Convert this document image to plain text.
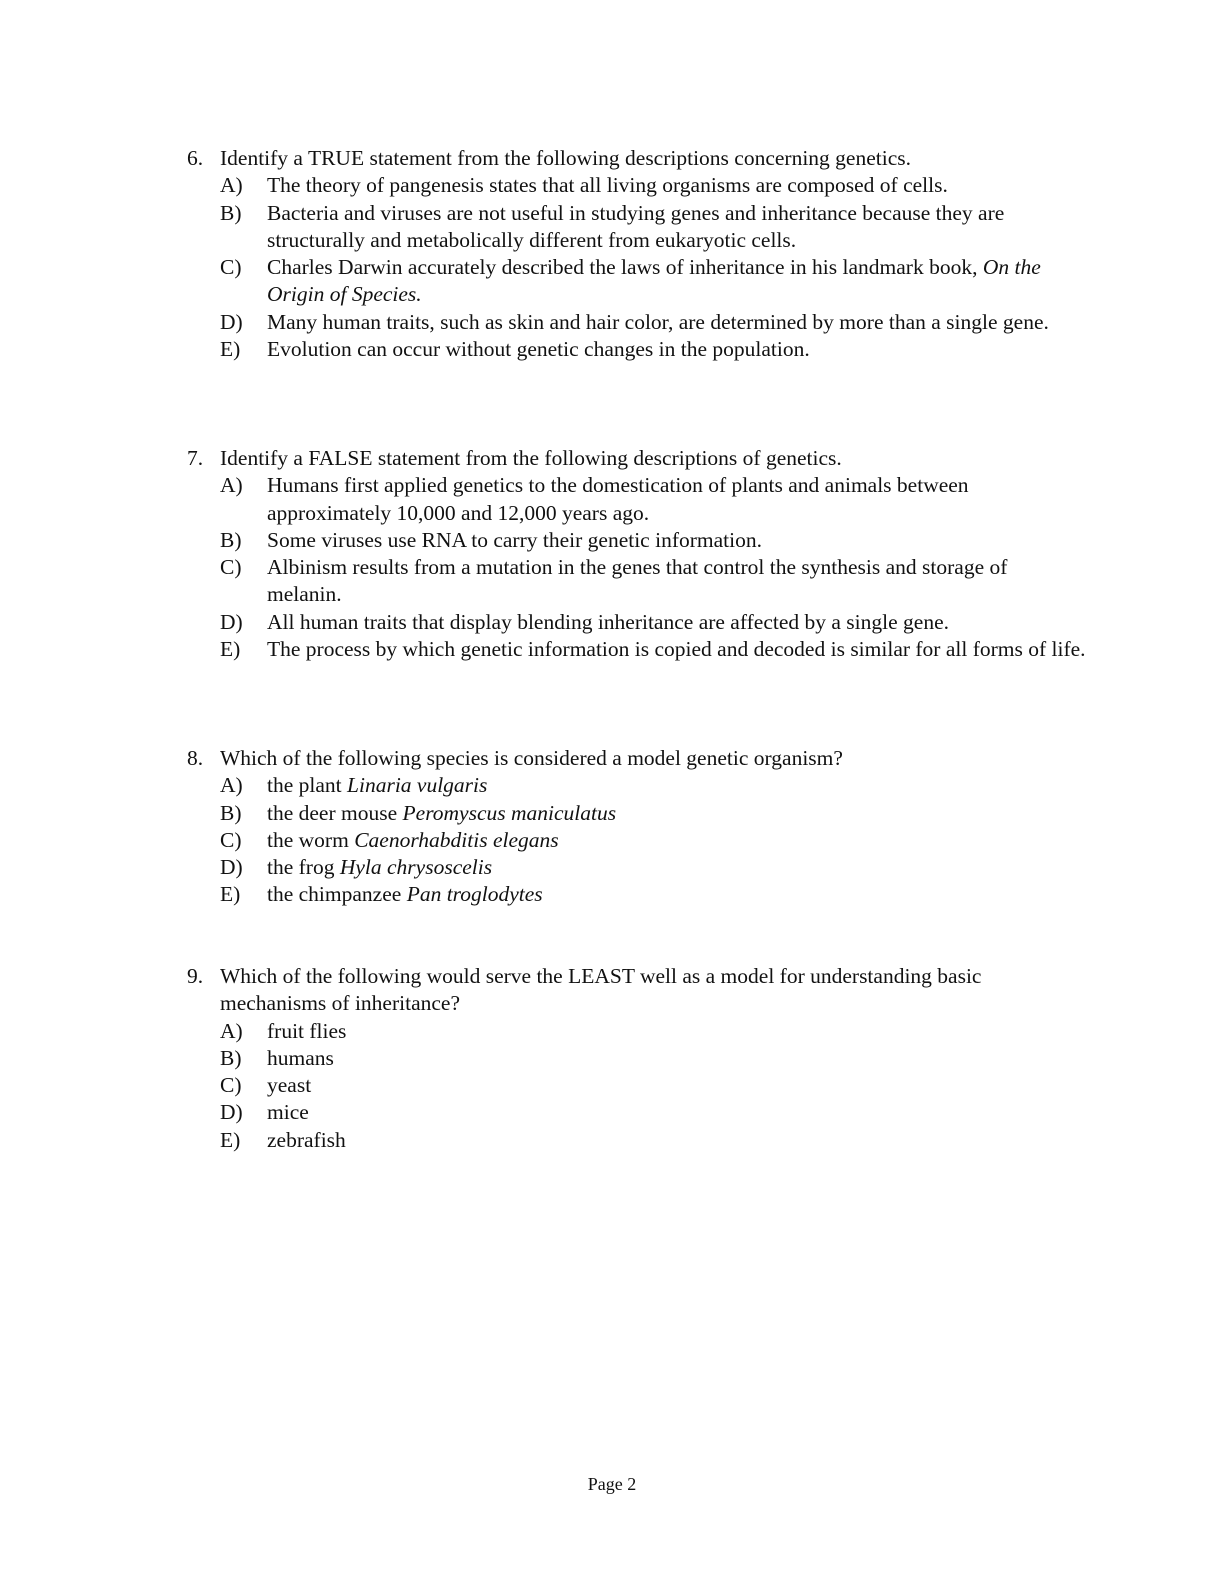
6. Identify a TRUE statement from the following descriptions concerning genetics.
A) The theory of pangenesis states that all living organisms are composed of cells.
B) Bacteria and viruses are not useful in studying genes and inheritance because they are structurally and metabolically different from eukaryotic cells.
C) Charles Darwin accurately described the laws of inheritance in his landmark book, On the Origin of Species.
D) Many human traits, such as skin and hair color, are determined by more than a single gene.
E) Evolution can occur without genetic changes in the population.
7. Identify a FALSE statement from the following descriptions of genetics.
A) Humans first applied genetics to the domestication of plants and animals between approximately 10,000 and 12,000 years ago.
B) Some viruses use RNA to carry their genetic information.
C) Albinism results from a mutation in the genes that control the synthesis and storage of melanin.
D) All human traits that display blending inheritance are affected by a single gene.
E) The process by which genetic information is copied and decoded is similar for all forms of life.
8. Which of the following species is considered a model genetic organism?
A) the plant Linaria vulgaris
B) the deer mouse Peromyscus maniculatus
C) the worm Caenorhabditis elegans
D) the frog Hyla chrysoscelis
E) the chimpanzee Pan troglodytes
9. Which of the following would serve the LEAST well as a model for understanding basic mechanisms of inheritance?
A) fruit flies
B) humans
C) yeast
D) mice
E) zebrafish
Page 2
